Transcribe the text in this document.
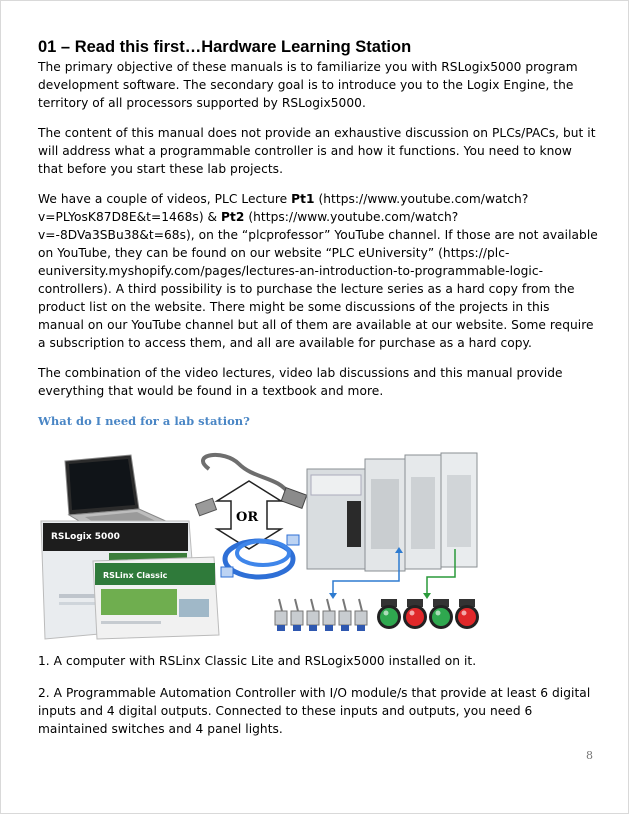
01 – Read this first…Hardware Learning Station

The primary objective of these manuals is to familiarize you with RSLogix5000 program development software. The secondary goal is to introduce you to the Logix Engine, the territory of all processors supported by RSLogix5000.

The content of this manual does not provide an exhaustive discussion on PLCs/PACs, but it will address what a programmable controller is and how it functions. You need to know that before you start these lab projects.

We have a couple of videos, PLC Lecture Pt1 (https://www.youtube.com/watch?v=PLYosK87D8E&t=1468s) & Pt2 (https://www.youtube.com/watch?v=-8DVa3SBu38&t=68s), on the “plcprofessor” YouTube channel. If those are not available on YouTube, they can be found on our website “PLC eUniversity” (https://plc-euniversity.myshopify.com/pages/lectures-an-introduction-to-programmable-logic-controllers). A third possibility is to purchase the lecture series as a hard copy from the product list on the website. There might be some discussions of the projects in this manual on our YouTube channel but all of them are available at our website. Some require a subscription to access them, and all are available for purchase as a hard copy.

The combination of the video lectures, video lab discussions and this manual provide everything that would be found in a textbook and more.

What do I need for a lab station?
RSLogix 5000
RSLinx Classic
OR

1. A computer with RSLinx Classic Lite and RSLogix5000 installed on it.

2. A Programmable Automation Controller with I/O module/s that provide at least 6 digital inputs and 4 digital outputs. Connected to these inputs and outputs, you need 6 maintained switches and 4 panel lights.

8
